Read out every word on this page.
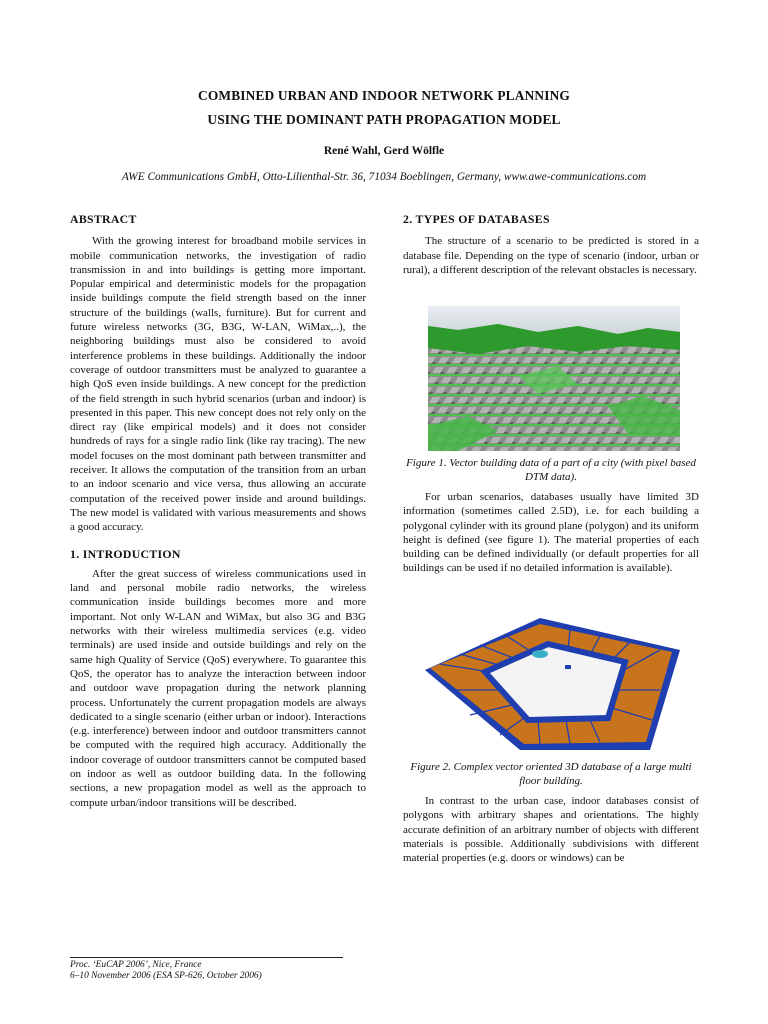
COMBINED URBAN AND INDOOR NETWORK PLANNING
USING THE DOMINANT PATH PROPAGATION MODEL
René Wahl, Gerd Wölfle
AWE Communications GmbH, Otto-Lilienthal-Str. 36, 71034 Boeblingen, Germany, www.awe-communications.com
ABSTRACT

With the growing interest for broadband mobile services in mobile communication networks, the investigation of radio transmission in and into buildings is getting more important. Popular empirical and deterministic models for the propagation inside buildings compute the field strength based on the inner structure of the buildings (walls, furniture). But for current and future wireless networks (3G, B3G, W-LAN, WiMax,..), the neighboring buildings must also be considered to avoid interference problems in these buildings. Additionally the indoor coverage of outdoor transmitters must be analyzed to guarantee a high QoS even inside buildings. A new concept for the prediction of the field strength in such hybrid scenarios (urban and indoor) is presented in this paper. This new concept does not rely only on the direct ray (like empirical models) and it does not consider hundreds of rays for a single radio link (like ray tracing). The new model focuses on the most dominant path between transmitter and receiver. It allows the computation of the transition from an urban to an indoor scenario and vice versa, thus allowing an accurate computation of the received power inside and around buildings. The new model is validated with various measurements and shows a good accuracy.

1. INTRODUCTION

After the great success of wireless communications used in land and personal mobile radio networks, the wireless communication inside buildings becomes more and more important. Not only W-LAN and WiMax, but also 3G and B3G networks with their wireless multimedia services (e.g. video terminals) are used inside and outside buildings and rely on the same high Quality of Service (QoS) everywhere. To guarantee this QoS, the operator has to analyze the interaction between indoor and outdoor wave propagation during the network planning process. Unfortunately the current propagation models are always dedicated to a single scenario (either urban or indoor). Interactions (e.g. interference) between indoor and outdoor transmitters cannot be computed with the required high accuracy. Additionally the indoor coverage of outdoor transmitters cannot be computed based on indoor as well as outdoor building data. In the following sections, a new propagation model as well as the approach to compute urban/indoor transitions will be described.

2. TYPES OF DATABASES

The structure of a scenario to be predicted is stored in a database file. Depending on the type of scenario (indoor, urban or rural), a different description of the relevant obstacles is necessary.

Figure 1. Vector building data of a part of a city (with pixel based DTM data).

For urban scenarios, databases usually have limited 3D information (sometimes called 2.5D), i.e. for each building a polygonal cylinder with its ground plane (polygon) and its uniform height is defined (see figure 1). The material properties of each building can be defined individually (or default properties for all buildings can be used if no detailed information is available).

Figure 2. Complex vector oriented 3D database of a large multi floor building.

In contrast to the urban case, indoor databases consist of polygons with arbitrary shapes and orientations. The highly accurate definition of an arbitrary number of objects with different materials is possible. Additionally subdivisions with different material properties (e.g. doors or windows) can be

Proc. ‘EuCAP 2006’, Nice, France
6–10 November 2006 (ESA SP-626, October 2006)
